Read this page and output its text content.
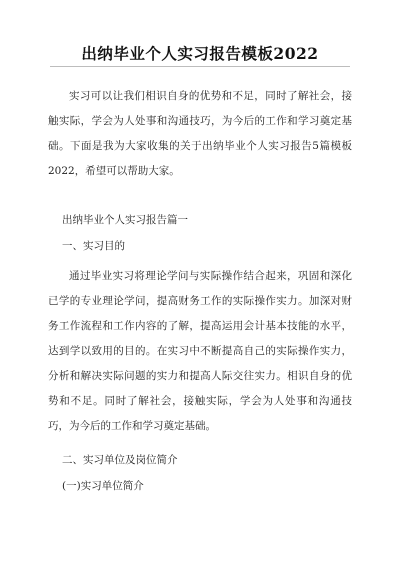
出纳毕业个人实习报告模板2022

实习可以让我们相识自身的优势和不足，同时了解社会，接触实际，学会为人处事和沟通技巧，为今后的工作和学习奠定基础。下面是我为大家收集的关于出纳毕业个人实习报告5篇模板2022，希望可以帮助大家。

出纳毕业个人实习报告篇一

一、实习目的

通过毕业实习将理论学问与实际操作结合起来，巩固和深化已学的专业理论学问，提高财务工作的实际操作实力。加深对财务工作流程和工作内容的了解，提高运用会计基本技能的水平，达到学以致用的目的。在实习中不断提高自己的实际操作实力，分析和解决实际问题的实力和提高人际交往实力。相识自身的优势和不足。同时了解社会，接触实际，学会为人处事和沟通技巧，为今后的工作和学习奠定基础。

二、实习单位及岗位简介

(一)实习单位简介
